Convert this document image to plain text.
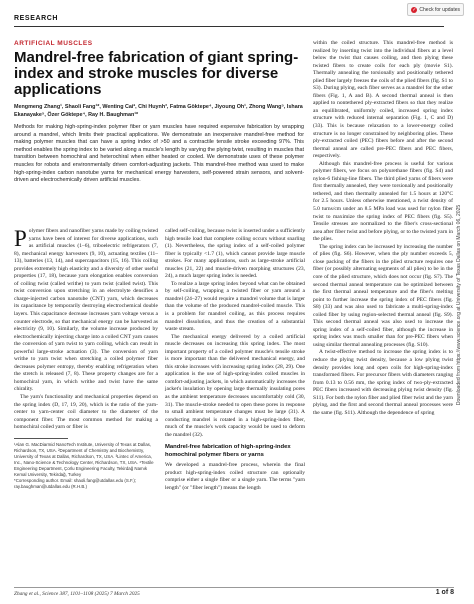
RESEARCH
✓ Check for updates
ARTIFICIAL MUSCLES
Mandrel-free fabrication of giant spring-index and stroke muscles for diverse applications
Mengmeng Zhang¹, Shaoli Fang¹*, Wenting Cai², Chi Huynh³, Fatma Göktepe⁴, Jiyoung Oh¹, Zhong Wang⁵, Ishara Ekanayake⁵, Özer Göktepe⁴, Ray H. Baughman¹*
Methods for making high-spring-index polymer fiber or yarn muscles have required expensive fabrication by wrapping around a mandrel, which limits their practical applications. We demonstrate an inexpensive mandrel-free method for making polymer muscles that can have a spring index of >50 and a contractile tensile stroke exceeding 97%. This method enables the spring index to be varied along a muscle's length by varying the plying twist, resulting in muscles that transition between homochiral and heterochiral when either heated or cooled. We demonstrate uses of these polymer muscles for robots and environmentally driven comfort-adjusting jackets. This mandrel-free method was used to make high-spring-index carbon nanotube yarns for mechanical energy harvesters, self-powered strain sensors, and solvent-driven and electrochemically driven artificial muscles.

Polymer fibers and nanofiber yarns made by coiling twisted yarns have been of interest for diverse applications, such as artificial muscles (1–6), triboelectric refrigerators (7, 8), mechanical energy harvesters (9, 10), actuating textiles (11–13), batteries (13, 14), and supercapacitors (15, 16). This coiling provides extremely high elasticity and a diversity of other useful properties (17, 18), because yarn elongation enables conversion of coiling twist (called writhe) to yarn twist (called twist). This twist conversion upon stretching in an electrolyte densifies a charge-injected carbon nanotube (CNT) yarn, which decreases its capacitance by temporarily destroying electrochemical double layers. This capacitance decrease increases yarn voltage versus a counter electrode, so that mechanical energy can be harvested as electricity (9, 10). Similarly, the volume increase produced by electrochemically injecting charge into a coiled CNT yarn causes the conversion of yarn twist to yarn coiling, which can result in powerful large-stroke actuation (3). The conversion of yarn writhe to yarn twist when stretching a coiled polymer fiber decreases polymer entropy, thereby enabling refrigeration when the stretch is released (7, 8). These property changes are for a homochiral yarn, in which writhe and twist have the same chirality.

The yarn's functionality and mechanical properties depend on the spring index (D, 17, 19, 20), which is the ratio of the yarn-center to yarn-center coil diameter to the diameter of the component fiber. The most common method for making a homochiral coiled yarn or fiber is

¹Alan G. MacDiarmid NanoTech Institute, University of Texas at Dallas, Richardson, TX, USA. ²Department of Chemistry and Biochemistry, University of Texas at Dallas, Richardson, TX, USA. ³Lintec of America, Inc., Nano-Science & Technology Center, Richardson, TX, USA. ⁴Textile Engineering Department, Çorlu Engineering Faculty, Tekirdağ Namık Kemal University, Tekirdağ, Turkey
*Corresponding author. Email: shaoli.fang@utdallas.edu (S.F.); ray.baughman@utdallas.edu (R.H.B.)

called self-coiling, because twist is inserted under a sufficiently high tensile load that complete coiling occurs without snarling (1). Nevertheless, the spring index of a self-coiled polymer fiber is typically <1.7 (1), which cannot provide large muscle strokes. For many applications, such as large-stroke artificial muscles (21, 22) and muscle-driven morphing structures (23, 24), a much larger spring index is needed.

To realize a large spring index beyond what can be obtained by self-coiling, wrapping a twisted fiber or yarn around a mandrel (24–27) would require a mandrel volume that is larger than the volume of the produced mandrel-coiled muscle. This is a problem for mandrel coiling, as this process requires mandrel dissolution, and thus the creation of a substantial waste stream.

The mechanical energy delivered by a coiled artificial muscle decreases on increasing this spring index. The most important property of a coiled polymer muscle's tensile stroke is more important than the delivered mechanical energy, and this stroke increases with increasing spring index (28, 29). One application is the use of high-spring-index coiled muscles in comfort-adjusting jackets, in which automatically increases the jacket's insulation by opening large thermally insulating pores as the ambient temperature decreases uncomfortably cold (30, 31). The muscle-stroke needed to open these pores in response to small ambient temperature changes must be large (31). A conducting mandrel is rotated in a high-spring-index fiber, much of the muscle's work capacity would be used to deform the mandrel (32).

Mandrel-free fabrication of high-spring-index homochiral polymer fibers or yarns

We developed a mandrel-free process, wherein the final product high-spring-index coiled structure can optionally comprise either a single fiber or a single yarn. The terms "yarn length" (or "fiber length") means the length

within the coiled structure. This mandrel-free method is realized by inserting twist into the individual fibers at a level below the twist that causes coiling, and then plying these twisted fibers to create coils for each ply (movie S1). Thermally annealing the torsionally and positionally tethered plied fiber largely freezes the coils of the plied fibers (fig. S1 to S3). During plying, each fiber serves as a mandrel for the other fibers (Fig. 1, A and B). A second thermal anneal is then applied to nontethered ply-extracted fibers so that they realize an equilibrated, uniformly coiled, increased spring index structure with reduced internal separation (Fig. 1, C and D) (33). This is because relaxation to a lower-energy coiled structure is no longer constrained by neighboring plies. These ply-extracted coiled (PEC) fibers before and after the second thermal anneal are called pre-PEC fibers and PEC fibers, respectively.

Although this mandrel-free process is useful for various polymer fibers, we focus on polyurethane fibers (fig. S4) and nylon-6 fishing-line fibers. The third plied yarns of fibers were first thermally annealed, they were torsionally and positionally tethered, and then thermally annealed for 1.5 hours at 120°C for 2.5 hours. Unless otherwise mentioned, a twist density of 5.0 turns/cm under an 8.5 MPa load was used for nylon fiber twist to maximize the spring index of PEC fibers (fig. S5). Tensile stresses are normalized to the fiber's cross-sectional area after fiber twist and before plying, or to the twisted yarn in the plies.

The spring index can be increased by increasing the number of plies (fig. S6). However, when the ply number exceeds 5, close packing of the fibers in the plied structure requires one fiber (or possibly alternating segments of all plies) to be in the core of the plied structure, which does not occur (fig. S7). The second thermal anneal temperature can be optimized between the first thermal anneal temperature and the fiber's melting point to further increase the spring index of PEC fibers (fig. S8) (33) and was also used to fabricate a multi-spring-index coiled fiber by using region-selected thermal anneal (fig. S9). This second thermal anneal was also used to increase the spring index of a self-coiled fiber, although the increase in spring index was much smaller than for pre-PEC fibers when using similar thermal annealing processes (fig. S10).

A twist-effective method to increase the spring index is to reduce the plying twist density, because a low plying twist density provides long and open coils for high-spring-index transformed fibers. For precursor fibers with diameters ranging from 0.13 to 0.56 mm, the spring index of two-ply-extracted PEC fibers increased with decreasing plying twist density (fig. S11). For both the nylon fiber and plied fiber twist and the yarn plying, and the first and second thermal anneal processes were the same (fig. S11). Although the dependence of spring

Downloaded from https://www.science.org at University of Texas Dallas on March 06, 2025
Zhang et al., Science 387, 1101–1108 (2025) 7 March 2025	1 of 8
